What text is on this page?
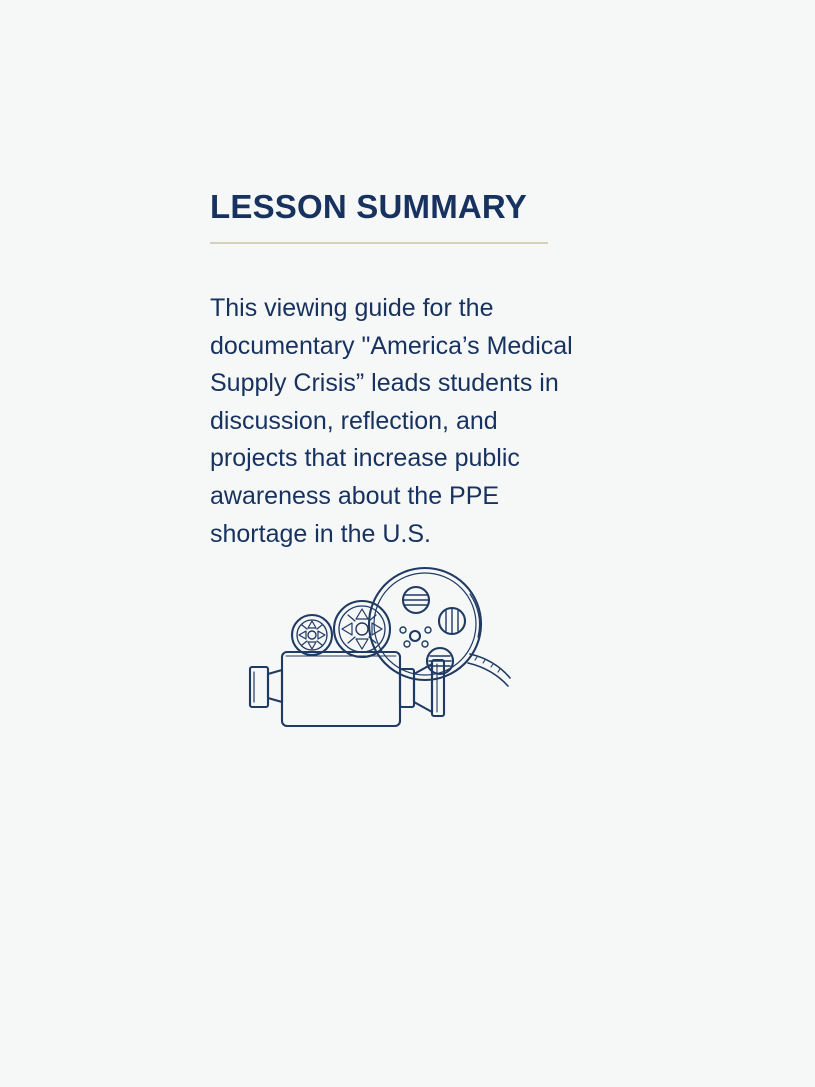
LESSON SUMMARY

This viewing guide for the
documentary "America’s Medical
Supply Crisis” leads students in
discussion, reflection, and
projects that increase public
awareness about the PPE
shortage in the U.S.
